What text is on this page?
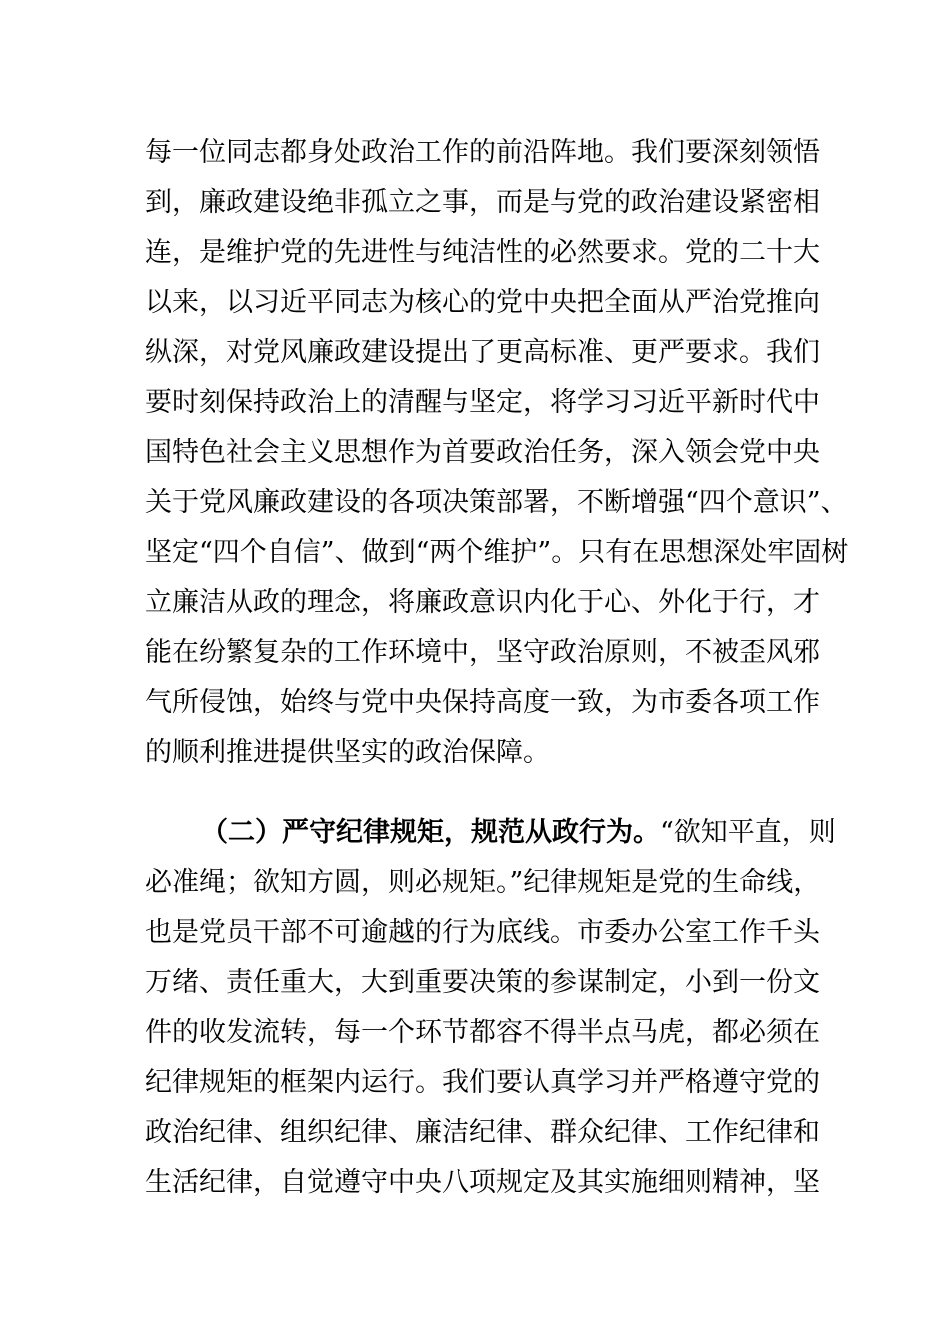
每一位同志都身处政治工作的前沿阵地。我们要深刻领悟
到，廉政建设绝非孤立之事，而是与党的政治建设紧密相
连，是维护党的先进性与纯洁性的必然要求。党的二十大
以来，以习近平同志为核心的党中央把全面从严治党推向
纵深，对党风廉政建设提出了更高标准、更严要求。我们
要时刻保持政治上的清醒与坚定，将学习习近平新时代中
国特色社会主义思想作为首要政治任务，深入领会党中央
关于党风廉政建设的各项决策部署，不断增强“四个意识”、
坚定“四个自信”、做到“两个维护”。只有在思想深处牢固树
立廉洁从政的理念，将廉政意识内化于心、外化于行，才
能在纷繁复杂的工作环境中，坚守政治原则，不被歪风邪
气所侵蚀，始终与党中央保持高度一致，为市委各项工作
的顺利推进提供坚实的政治保障。
（二）严守纪律规矩，规范从政行为。“欲知平直，则
必准绳；欲知方圆，则必规矩。”纪律规矩是党的生命线，
也是党员干部不可逾越的行为底线。市委办公室工作千头
万绪、责任重大，大到重要决策的参谋制定，小到一份文
件的收发流转，每一个环节都容不得半点马虎，都必须在
纪律规矩的框架内运行。我们要认真学习并严格遵守党的
政治纪律、组织纪律、廉洁纪律、群众纪律、工作纪律和
生活纪律，自觉遵守中央八项规定及其实施细则精神，坚
